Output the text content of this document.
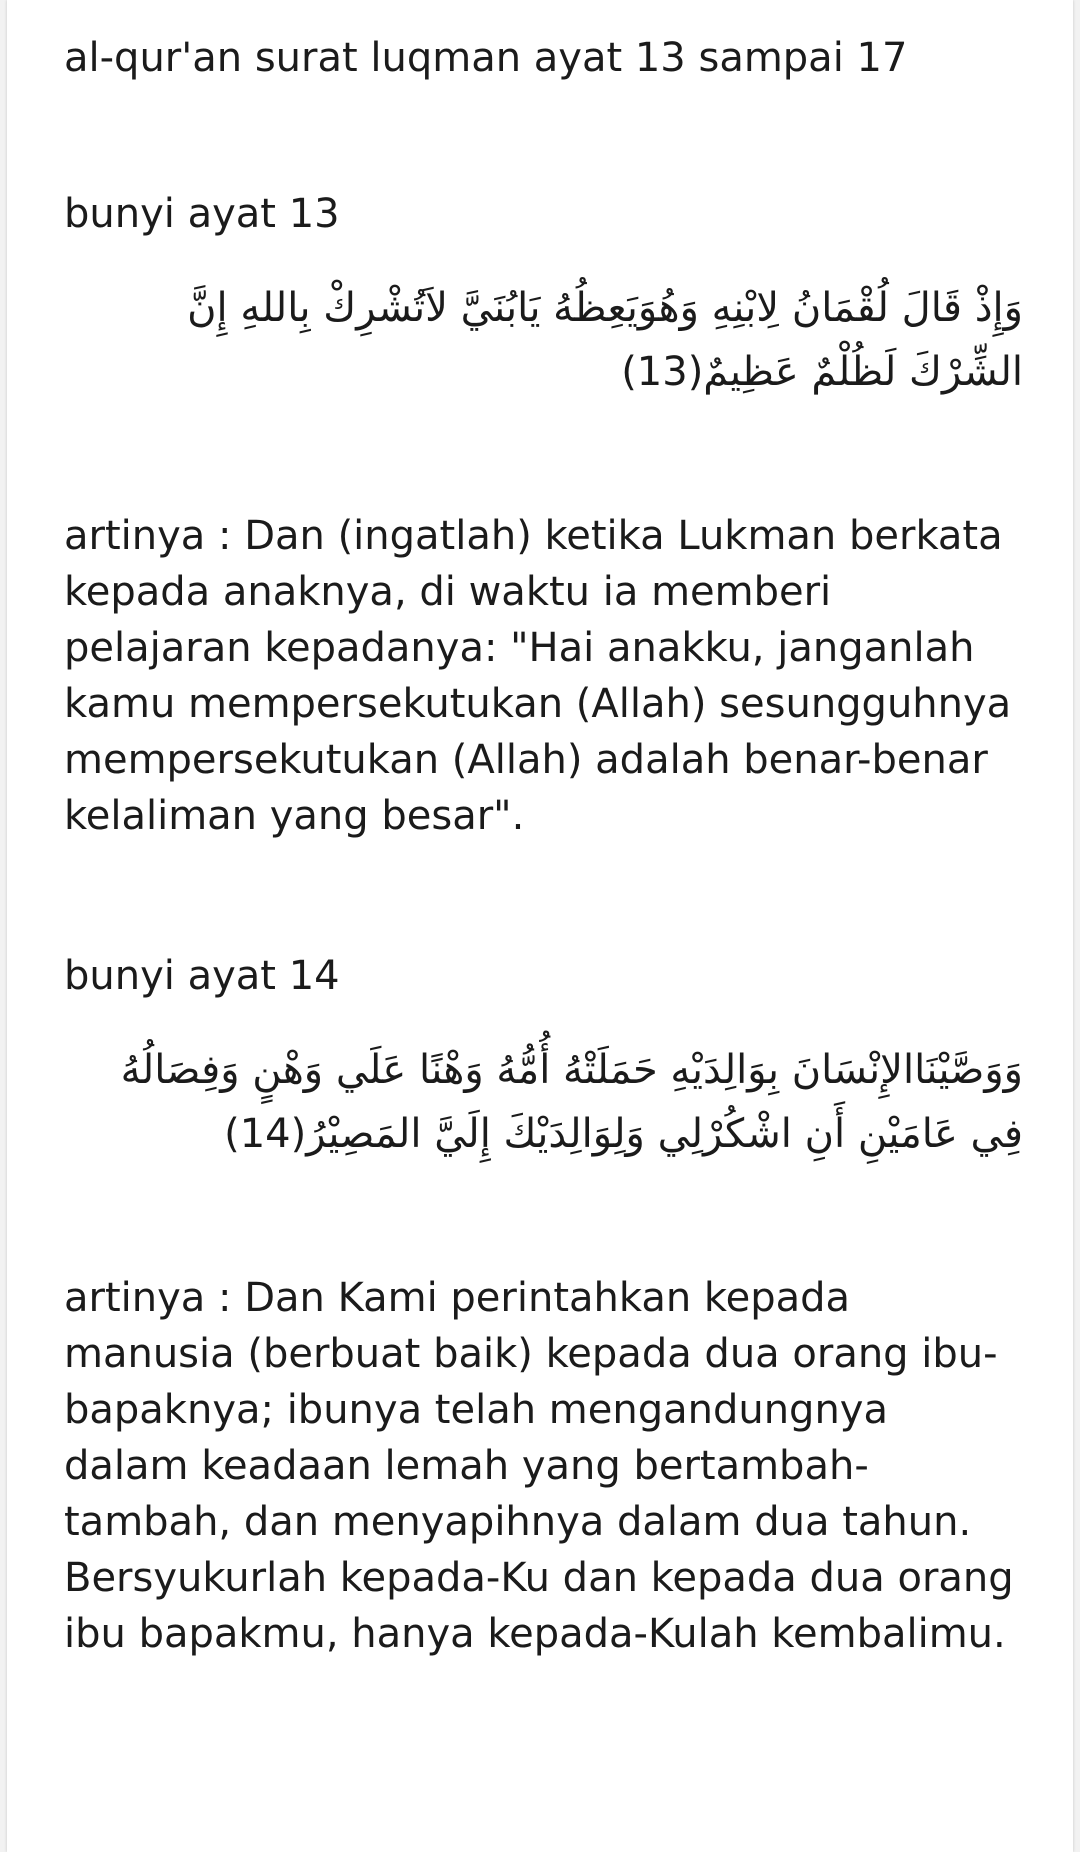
al-qur'an surat luqman ayat 13 sampai 17

bunyi ayat 13

وَإِذْ قَالَ لُقْمَانُ لِابْنِهِ وَهُوَيَعِظُهُ يَابُنَيَّ لاَتُشْرِكْ بِاللهِ إِنَّ الشِّرْكَ لَظُلْمٌ عَظِيمٌ(13)

artinya : Dan (ingatlah) ketika Lukman berkata kepada anaknya, di waktu ia memberi pelajaran kepadanya: "Hai anakku, janganlah kamu mempersekutukan (Allah) sesungguhnya mempersekutukan (Allah) adalah benar-benar kelaliman yang besar".

bunyi ayat 14

وَوَصَّيْنَاالإِنْسَانَ بِوَالِدَيْهِ حَمَلَتْهُ أُمُّهُ وَهْنًا عَلَي وَهْنٍ وَفِصَالُهُ فِي عَامَيْنِ أَنِ اشْكُرْلِي وَلِوَالِدَيْكَ إِلَيَّ المَصِيْرُ(14)

artinya : Dan Kami perintahkan kepada manusia (berbuat baik) kepada dua orang ibu-bapaknya; ibunya telah mengandungnya dalam keadaan lemah yang bertambah-tambah, dan menyapihnya dalam dua tahun. Bersyukurlah kepada-Ku dan kepada dua orang ibu bapakmu, hanya kepada-Kulah kembalimu.
